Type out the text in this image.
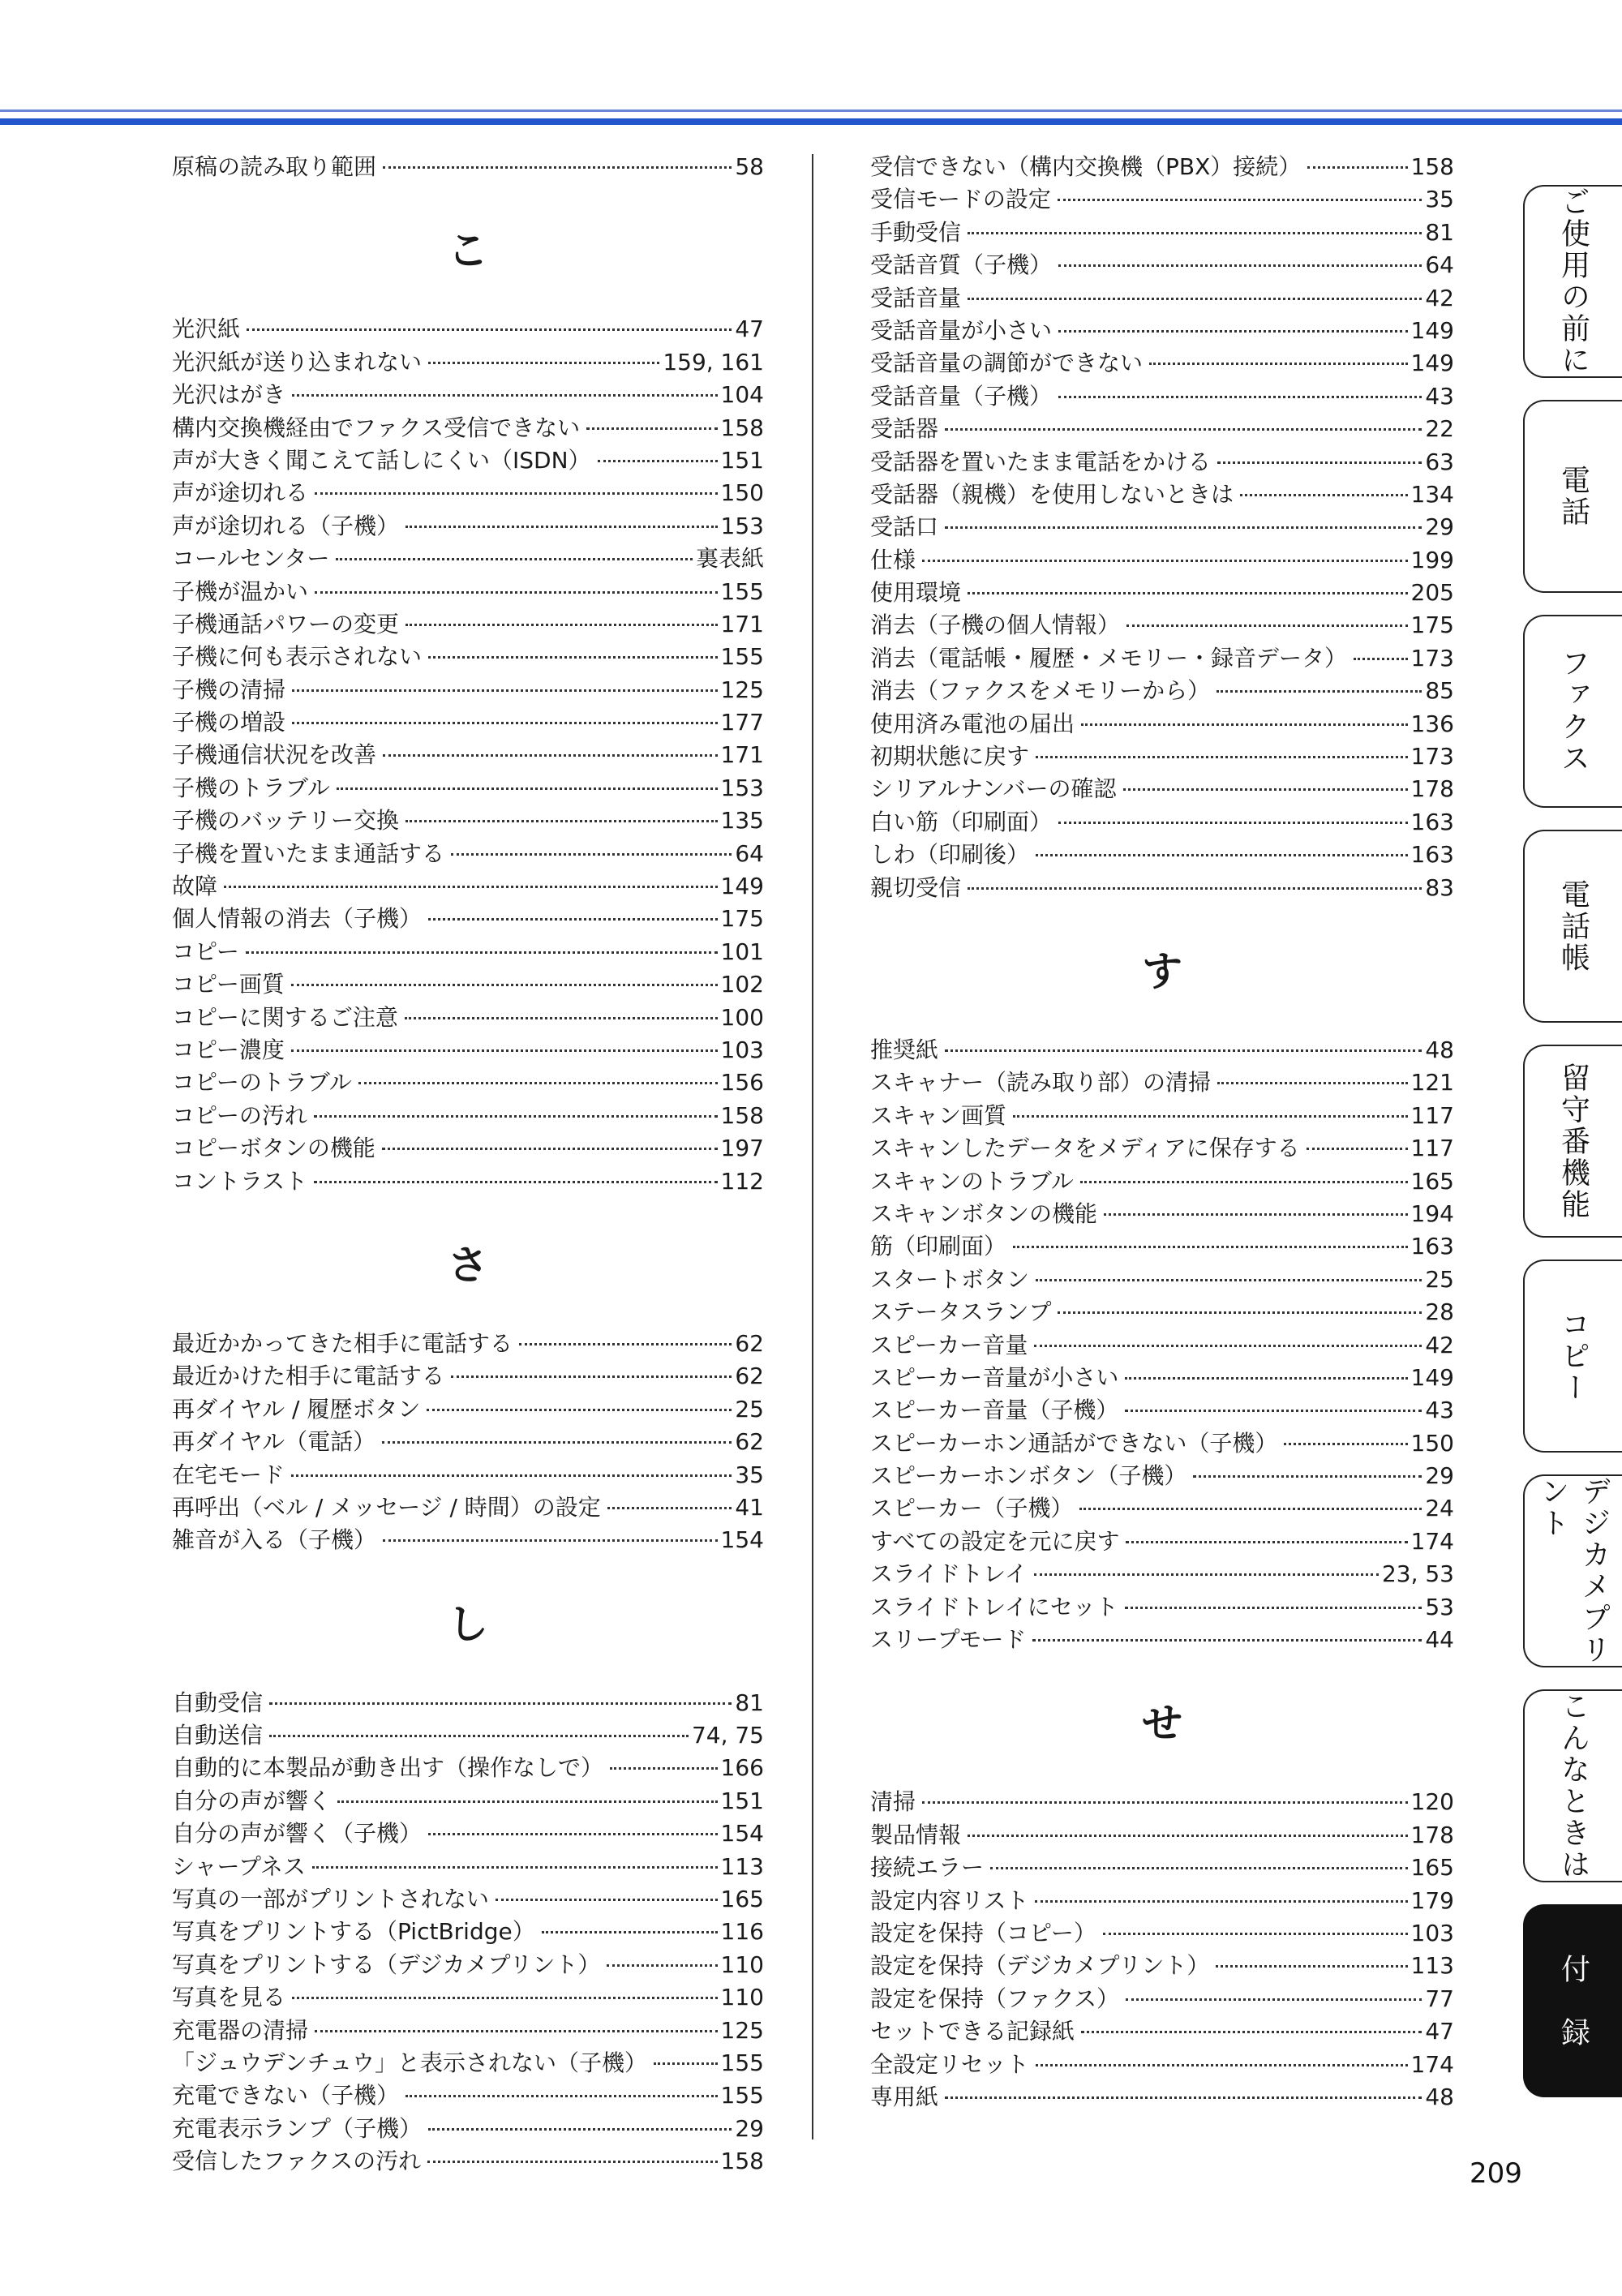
原稿の読み取り範囲	58
こ
光沢紙	47
光沢紙が送り込まれない	159, 161
光沢はがき	104
構内交換機経由でファクス受信できない	158
声が大きく聞こえて話しにくい（ISDN）	151
声が途切れる	150
声が途切れる（子機）	153
コールセンター	裏表紙
子機が温かい	155
子機通話パワーの変更	171
子機に何も表示されない	155
子機の清掃	125
子機の増設	177
子機通信状況を改善	171
子機のトラブル	153
子機のバッテリー交換	135
子機を置いたまま通話する	64
故障	149
個人情報の消去（子機）	175
コピー	101
コピー画質	102
コピーに関するご注意	100
コピー濃度	103
コピーのトラブル	156
コピーの汚れ	158
コピーボタンの機能	197
コントラスト	112
さ
最近かかってきた相手に電話する	62
最近かけた相手に電話する	62
再ダイヤル / 履歴ボタン	25
再ダイヤル（電話）	62
在宅モード	35
再呼出（ベル / メッセージ / 時間）の設定	41
雑音が入る（子機）	154
し
自動受信	81
自動送信	74, 75
自動的に本製品が動き出す（操作なしで）	166
自分の声が響く	151
自分の声が響く（子機）	154
シャープネス	113
写真の一部がプリントされない	165
写真をプリントする（PictBridge）	116
写真をプリントする（デジカメプリント）	110
写真を見る	110
充電器の清掃	125
「ジュウデンチュウ」と表示されない（子機）	155
充電できない（子機）	155
充電表示ランプ（子機）	29
受信したファクスの汚れ	158
受信できない（構内交換機（PBX）接続）	158
受信モードの設定	35
手動受信	81
受話音質（子機）	64
受話音量	42
受話音量が小さい	149
受話音量の調節ができない	149
受話音量（子機）	43
受話器	22
受話器を置いたまま電話をかける	63
受話器（親機）を使用しないときは	134
受話口	29
仕様	199
使用環境	205
消去（子機の個人情報）	175
消去（電話帳・履歴・メモリー・録音データ）	173
消去（ファクスをメモリーから）	85
使用済み電池の届出	136
初期状態に戻す	173
シリアルナンバーの確認	178
白い筋（印刷面）	163
しわ（印刷後）	163
親切受信	83
す
推奨紙	48
スキャナー（読み取り部）の清掃	121
スキャン画質	117
スキャンしたデータをメディアに保存する	117
スキャンのトラブル	165
スキャンボタンの機能	194
筋（印刷面）	163
スタートボタン	25
ステータスランプ	28
スピーカー音量	42
スピーカー音量が小さい	149
スピーカー音量（子機）	43
スピーカーホン通話ができない（子機）	150
スピーカーホンボタン（子機）	29
スピーカー（子機）	24
すべての設定を元に戻す	174
スライドトレイ	23, 53
スライドトレイにセット	53
スリープモード	44
せ
清掃	120
製品情報	178
接続エラー	165
設定内容リスト	179
設定を保持（コピー）	103
設定を保持（デジカメプリント）	113
設定を保持（ファクス）	77
セットできる記録紙	47
全設定リセット	174
専用紙	48
ご使用の前に
電話
ファクス
電話帳
留守番機能
コピー
デジカメプリント
こんなときは
付　録
209
